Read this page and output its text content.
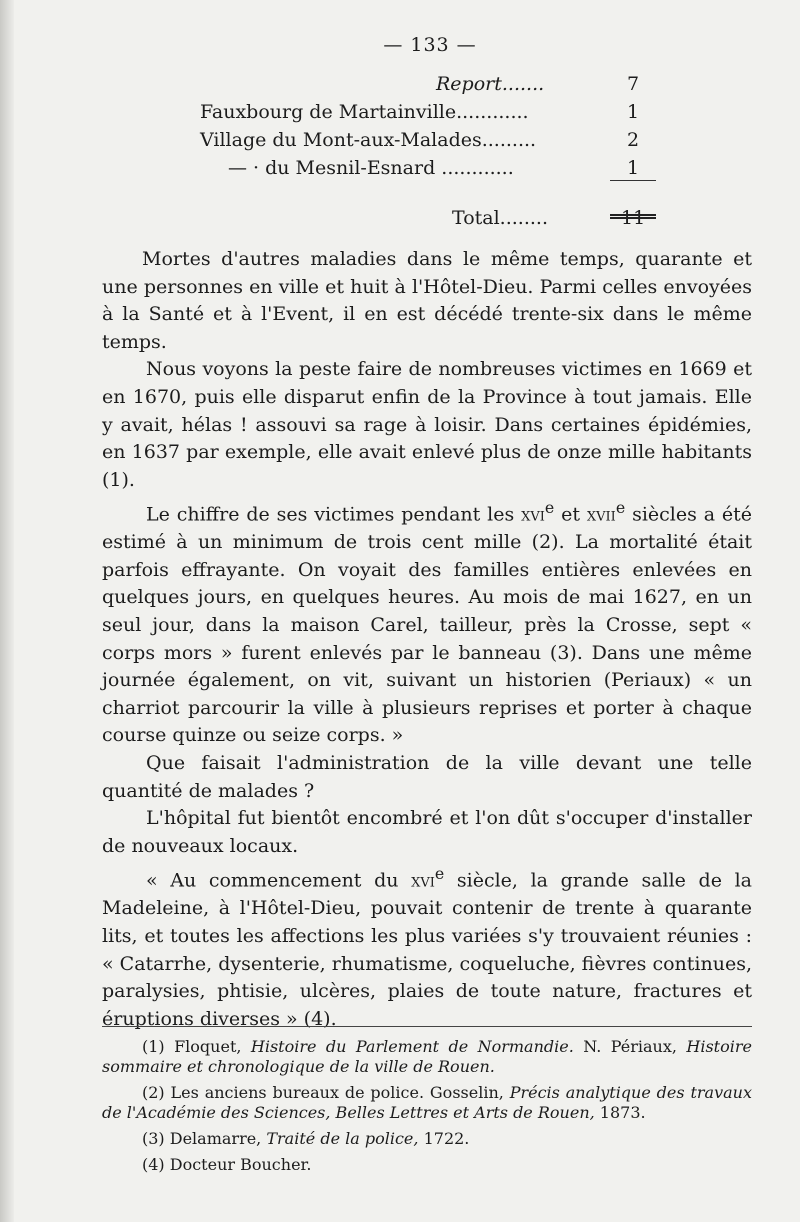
— 133 —
Report.......	7
Fauxbourg de Martainville............	1
Village du Mont-aux-Malades.........	2
— · du Mesnil-Esnard ............	1
Total........	11

Mortes d'autres maladies dans le même temps, quarante et une personnes en ville et huit à l'Hôtel-Dieu. Parmi celles envoyées à la Santé et à l'Event, il en est décédé trente-six dans le même temps.

Nous voyons la peste faire de nombreuses victimes en 1669 et en 1670, puis elle disparut enfin de la Province à tout jamais. Elle y avait, hélas ! assouvi sa rage à loisir. Dans certaines épidémies, en 1637 par exemple, elle avait enlevé plus de onze mille habitants (1).

Le chiffre de ses victimes pendant les xvi$^e$ et xvii$^e$ siècles a été estimé à un minimum de trois cent mille (2). La mortalité était parfois effrayante. On voyait des familles entières enlevées en quelques jours, en quelques heures. Au mois de mai 1627, en un seul jour, dans la maison Carel, tailleur, près la Crosse, sept « corps mors » furent enlevés par le banneau (3). Dans une même journée également, on vit, suivant un historien (Periaux) « un charriot parcourir la ville à plusieurs reprises et porter à chaque course quinze ou seize corps. »

Que faisait l'administration de la ville devant une telle quantité de malades ?

L'hôpital fut bientôt encombré et l'on dût s'occuper d'installer de nouveaux locaux.

« Au commencement du xvi$^e$ siècle, la grande salle de la Madeleine, à l'Hôtel-Dieu, pouvait contenir de trente à quarante lits, et toutes les affections les plus variées s'y trouvaient réunies : « Catarrhe, dysenterie, rhumatisme, coqueluche, fièvres continues, paralysies, phtisie, ulcères, plaies de toute nature, fractures et éruptions diverses » (4).

(1) Floquet, Histoire du Parlement de Normandie. N. Périaux, Histoire sommaire et chronologique de la ville de Rouen.

(2) Les anciens bureaux de police. Gosselin, Précis analytique des travaux de l'Académie des Sciences, Belles Lettres et Arts de Rouen, 1873.

(3) Delamarre, Traité de la police, 1722.

(4) Docteur Boucher.
